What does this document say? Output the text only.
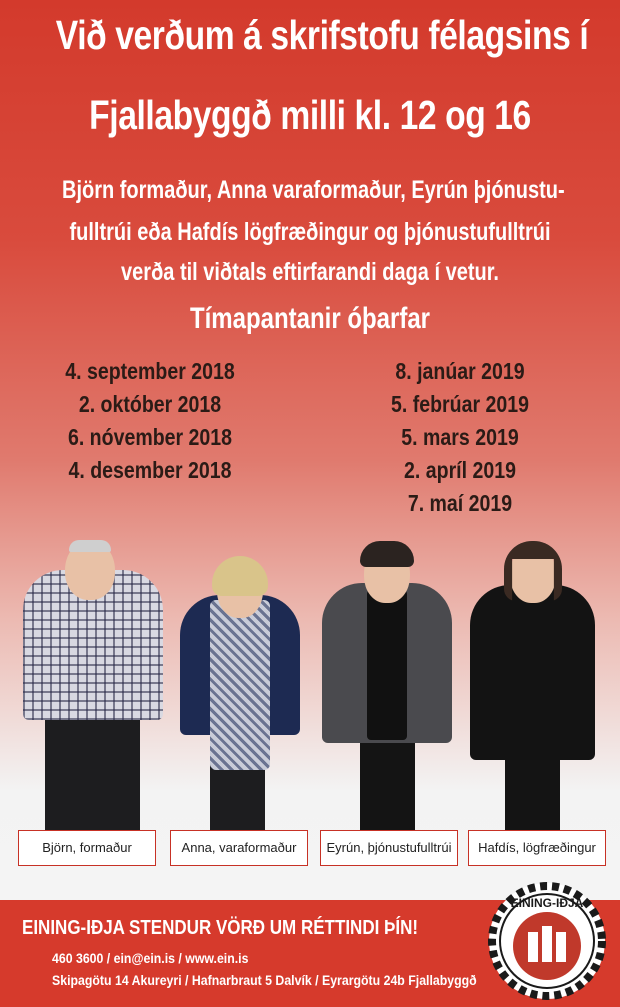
Við verðum á skrifstofu félagsins í
Fjallabyggð milli kl. 12 og 16
Björn formaður, Anna varaformaður, Eyrún þjónustu-
fulltrúi eða Hafdís lögfræðingur og þjónustufulltrúi
verða til viðtals eftirfarandi daga í vetur.
Tímapantanir óþarfar
4. september 2018
2. október 2018
6. nóvember 2018
4. desember 2018
8. janúar 2019
5. febrúar 2019
5. mars 2019
2. apríl 2019
7. maí 2019
Björn, formaður	Anna, varaformaður	Eyrún, þjónustufulltrúi	Hafdís, lögfræðingur
EINING-IÐJA STENDUR VÖRÐ UM RÉTTINDI ÞÍN!
460 3600 / ein@ein.is / www.ein.is
Skipagötu 14 Akureyri / Hafnarbraut 5 Dalvík / Eyrargötu 24b Fjallabyggð
EINING-IÐJA
